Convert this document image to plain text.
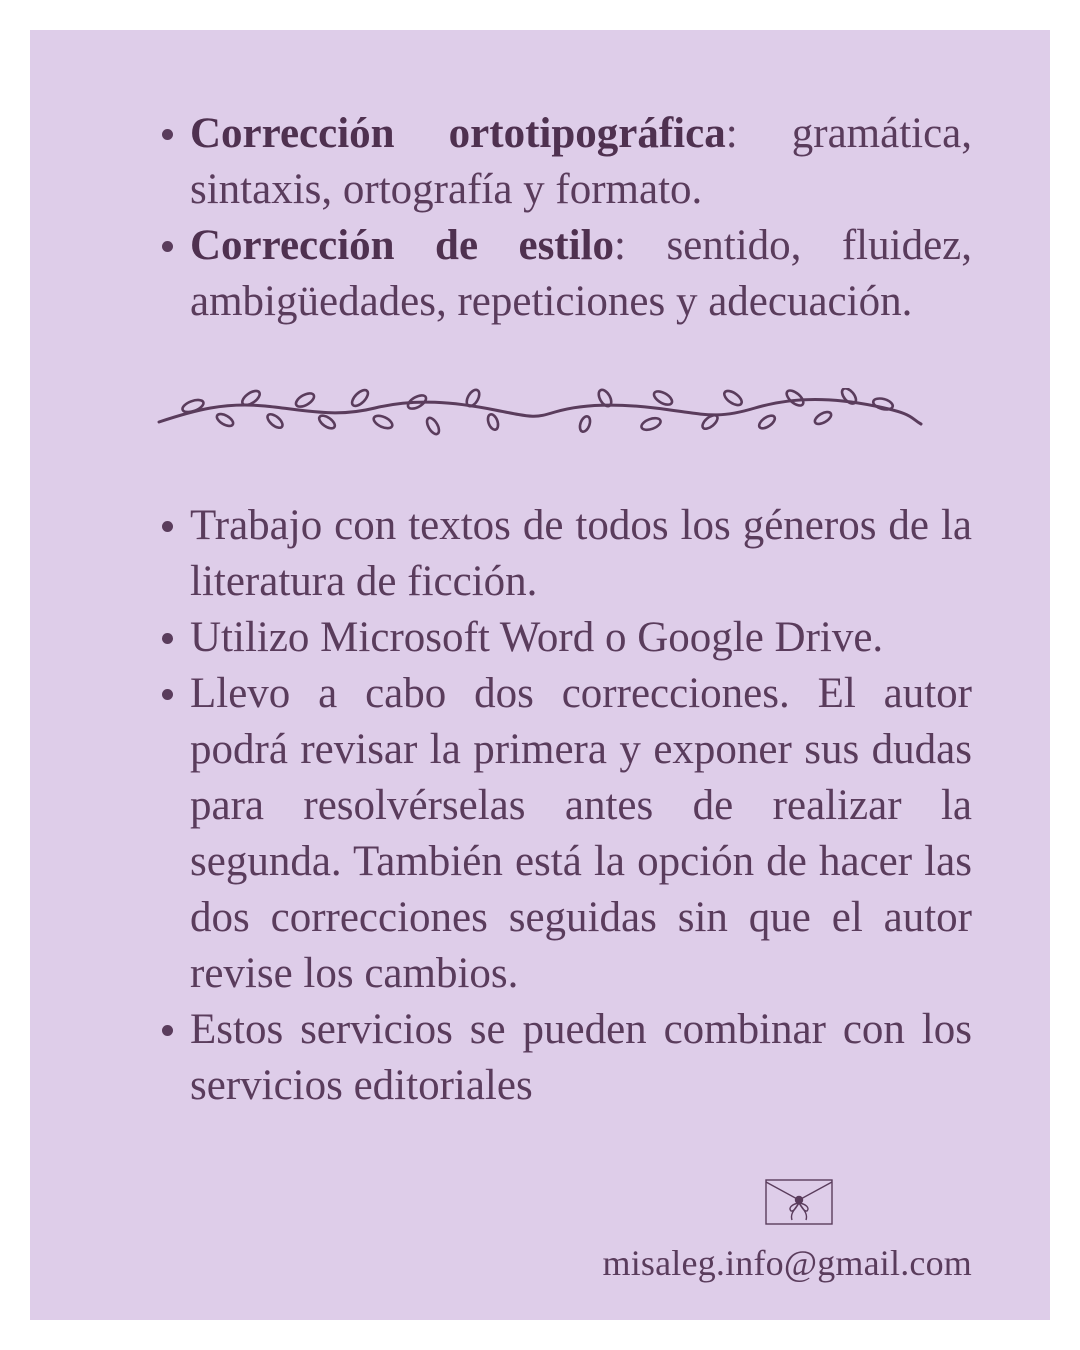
Corrección ortotipográfica: gramática, sintaxis, ortografía y formato.
Corrección de estilo: sentido, fluidez, ambigüedades, repeticiones y adecuación.
Trabajo con textos de todos los géneros de la literatura de ficción.
Utilizo Microsoft Word o Google Drive.
Llevo a cabo dos correcciones. El autor podrá revisar la primera y exponer sus dudas para resolvérselas antes de realizar la segunda. También está la opción de hacer las dos correcciones seguidas sin que el autor revise los cambios.
Estos servicios se pueden combinar con los servicios editoriales
misaleg.info@gmail.com
